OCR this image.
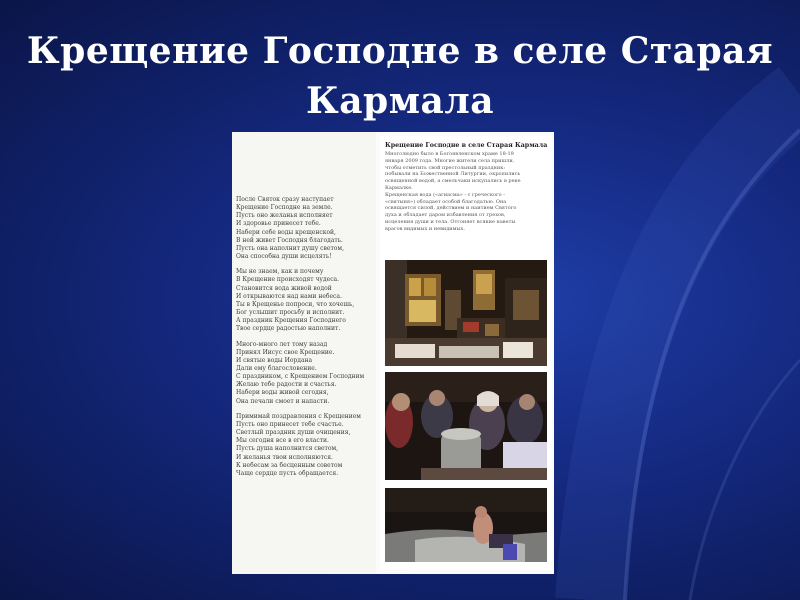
Крещение Господне в селе Старая Кармала
После Святок сразу наступает
Крещение Господне на земле.
Пусть оно желанья исполняет
И здоровье принесет тебе.
Набери себе воды крещенской,
В ней живет Господня благодать.
Пусть она наполнит душу светом,
Она способна души исцелять!
Мы не знаем, как и почему
В Крещение происходят чудеса.
Становится вода живой водой
И открываются над нами небеса.
Ты в Крещенье попроси, что хочешь,
Бог услышит просьбу и исполнит.
А праздник Крещения Господнего
Твое сердце радостью наполнит.
Много-много лет тому назад
Принял Иисус свое Крещение.
И святые воды Иордана
Дали ему благословение.
С праздником, с Крещением Господним
Желаю тебе радости и счастья.
Набери воды живой сегодня,
Она печали смоет и напасти.
Примимай поздравления с Крещением
Пусть оно принесет тебе счастье.
Светлый праздник души очищения,
Мы сегодня все в его власти.
Пусть душа наполнится светом,
И желанья твои исполняются.
К небесам за бесценным советом
Чаще сердце пусть обращается.
Крещение Господне в селе Старая Кармала
Многолюдно было в Богоявленском храме 18-19
января 2009 года. Многие жители села пришли,
чтобы отметить свой престольный праздник:
побывали на Божественной Литургии, окропились
освященной водой, а смельчаки искупались в реке
Кармалке.
Крещенская вода («агиасма» - с греческого -
«святыня») обладает особой благодатью. Она
освящается силой, действием и наитием Святого
духа и обладает даром избавления от грехов,
исцеления души и тела. Отгоняет всякие наветы
врагов видимых и невидимых.
